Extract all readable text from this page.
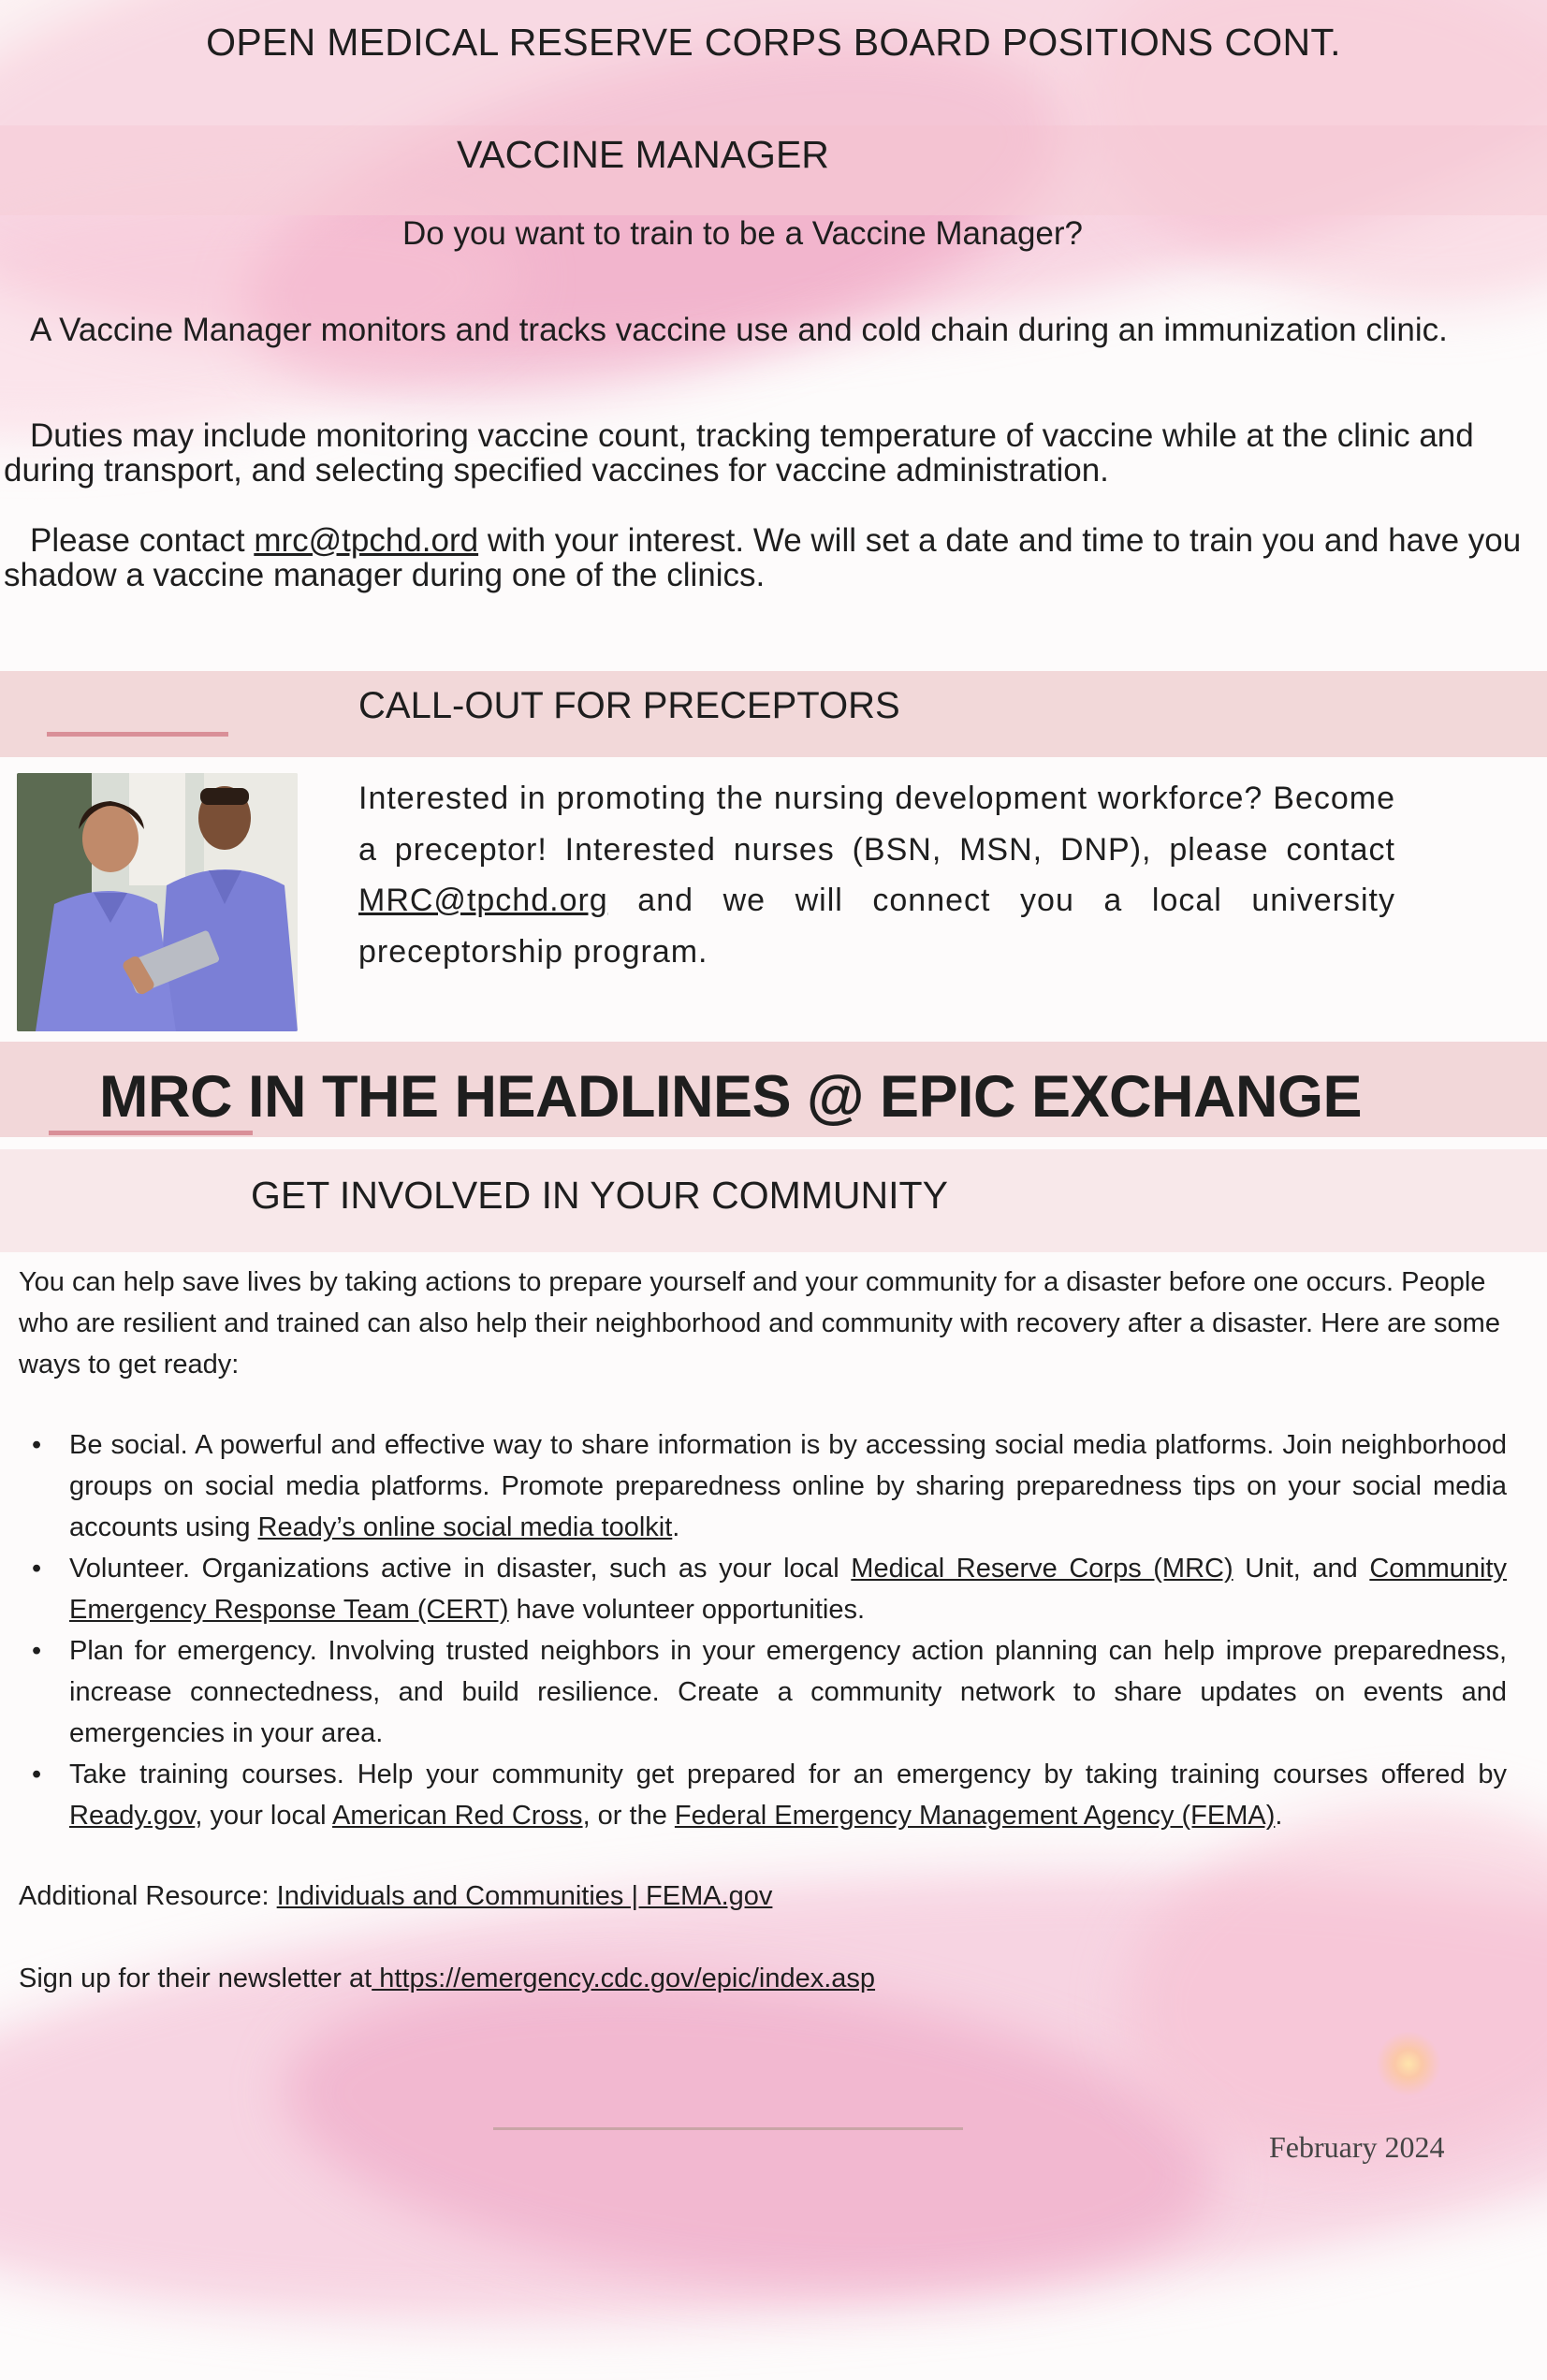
OPEN MEDICAL RESERVE CORPS BOARD POSITIONS CONT.
VACCINE MANAGER
Do you want to train to be a Vaccine Manager?
A Vaccine Manager monitors and tracks vaccine use and cold chain during an immunization clinic.
Duties may include monitoring vaccine count, tracking temperature of vaccine while at the clinic and during transport, and selecting specified vaccines for vaccine administration.
Please contact mrc@tpchd.ord with your interest. We will set a date and time to train you and have you shadow a vaccine manager during one of the clinics.
CALL-OUT FOR PRECEPTORS
Interested in promoting the nursing development workforce? Become a preceptor! Interested nurses (BSN, MSN, DNP), please contact MRC@tpchd.org and we will connect you a local university preceptorship program.
MRC IN THE HEADLINES @ EPIC EXCHANGE
GET INVOLVED IN YOUR COMMUNITY
You can help save lives by taking actions to prepare yourself and your community for a disaster before one occurs. People who are resilient and trained can also help their neighborhood and community with recovery after a disaster. Here are some ways to get ready:
• Be social. A powerful and effective way to share information is by accessing social media platforms. Join neighborhood groups on social media platforms. Promote preparedness online by sharing preparedness tips on your social media accounts using Ready’s online social media toolkit.
• Volunteer. Organizations active in disaster, such as your local Medical Reserve Corps (MRC) Unit, and Community Emergency Response Team (CERT) have volunteer opportunities.
• Plan for emergency. Involving trusted neighbors in your emergency action planning can help improve preparedness, increase connectedness, and build resilience. Create a community network to share updates on events and emergencies in your area.
• Take training courses. Help your community get prepared for an emergency by taking training courses offered by Ready.gov, your local American Red Cross, or the Federal Emergency Management Agency (FEMA).
Additional Resource: Individuals and Communities | FEMA.gov
Sign up for their newsletter at https://emergency.cdc.gov/epic/index.asp
February 2024
